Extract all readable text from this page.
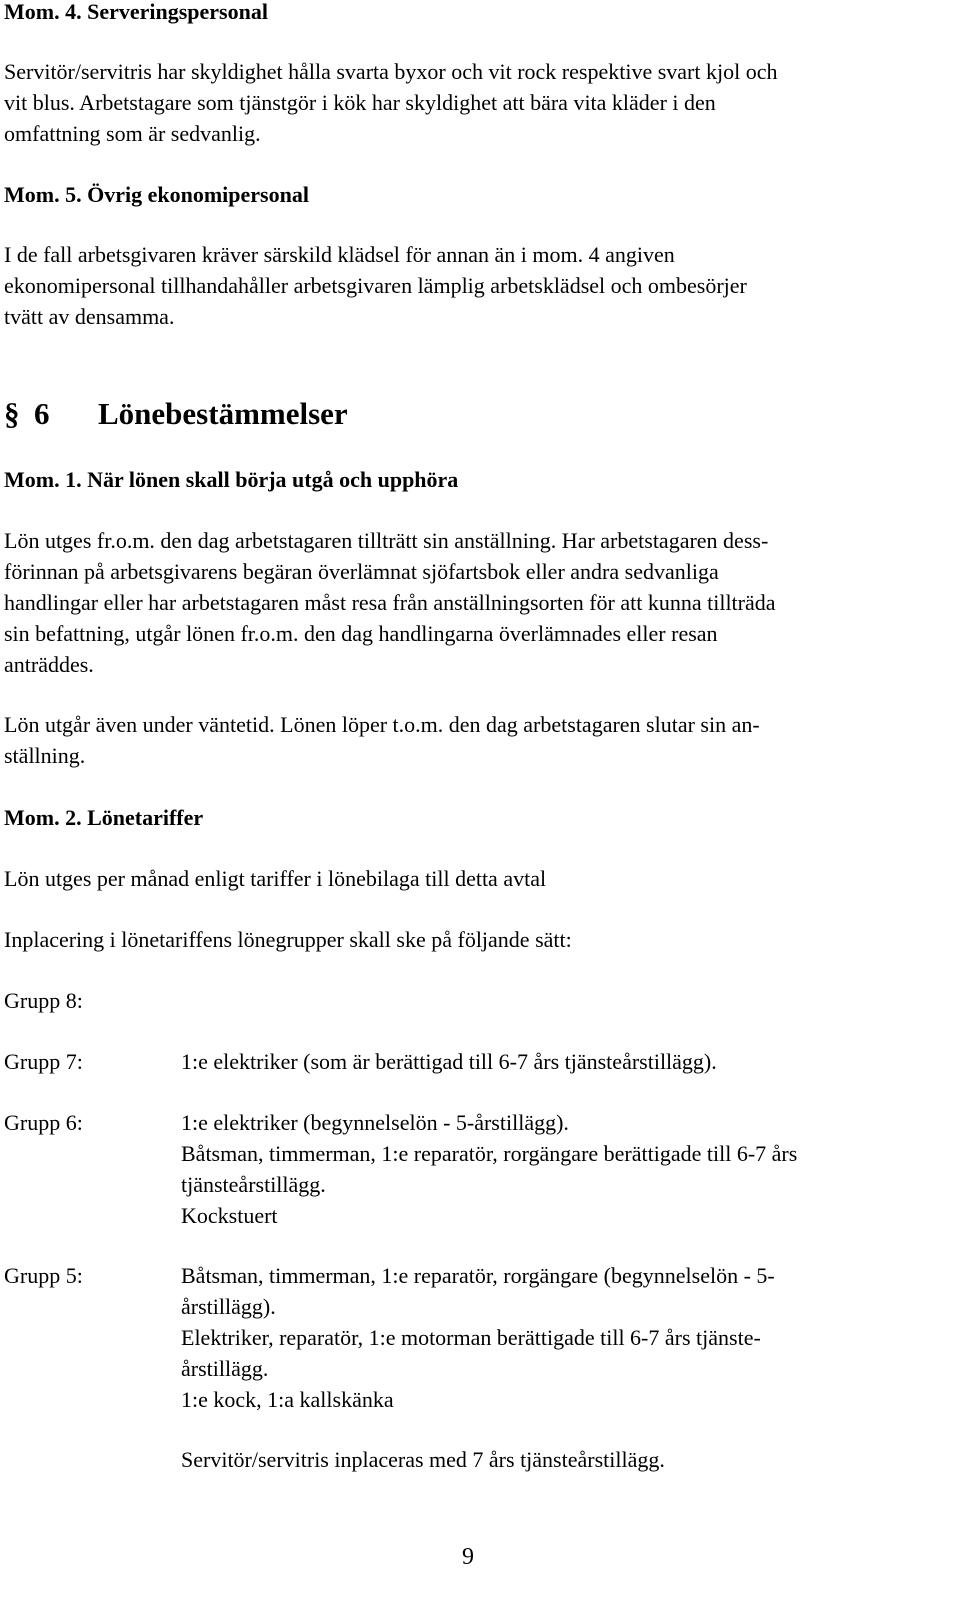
Mom. 4. Serveringspersonal
Servitör/servitris har skyldighet hålla svarta byxor och vit rock respektive svart kjol och
vit blus. Arbetstagare som tjänstgör i kök har skyldighet att bära vita kläder i den
omfattning som är sedvanlig.
Mom. 5. Övrig ekonomipersonal
I de fall arbetsgivaren kräver särskild klädsel för annan än i mom. 4 angiven
ekonomipersonal tillhandahåller arbetsgivaren lämplig arbetsklädsel och ombesörjer
tvätt av densamma.
§ 6 Lönebestämmelser
Mom. 1. När lönen skall börja utgå och upphöra
Lön utges fr.o.m. den dag arbetstagaren tillträtt sin anställning. Har arbetstagaren dess-
förinnan på arbetsgivarens begäran överlämnat sjöfartsbok eller andra sedvanliga
handlingar eller har arbetstagaren måst resa från anställningsorten för att kunna tillträda
sin befattning, utgår lönen fr.o.m. den dag handlingarna överlämnades eller resan
anträddes.
Lön utgår även under väntetid. Lönen löper t.o.m. den dag arbetstagaren slutar sin an-
ställning.
Mom. 2. Lönetariffer
Lön utges per månad enligt tariffer i lönebilaga till detta avtal
Inplacering i lönetariffens lönegrupper skall ske på följande sätt:
Grupp 8:
Grupp 7:	1:e elektriker (som är berättigad till 6-7 års tjänsteårstillägg).
Grupp 6:	1:e elektriker (begynnelselön - 5-årstillägg).
Båtsman, timmerman, 1:e reparatör, rorgängare berättigade till 6-7 års
tjänsteårstillägg.
Kockstuert
Grupp 5:	Båtsman, timmerman, 1:e reparatör, rorgängare (begynnelselön - 5-
årstillägg).
Elektriker, reparatör, 1:e motorman berättigade till 6-7 års tjänste-
årstillägg.
1:e kock, 1:a kallskänka
Servitör/servitris inplaceras med 7 års tjänsteårstillägg.
9
